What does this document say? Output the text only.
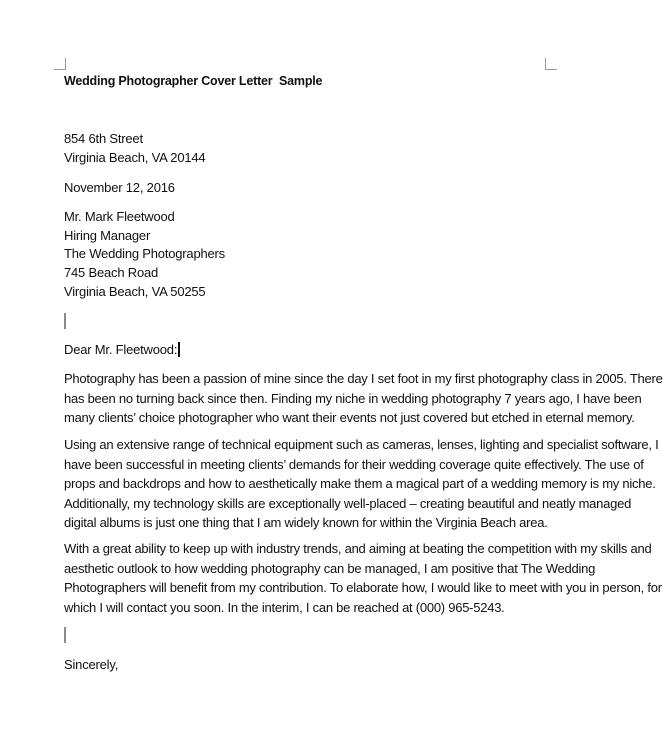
Wedding Photographer Cover Letter  Sample
854 6th Street
Virginia Beach, VA 20144
November 12, 2016
Mr. Mark Fleetwood
Hiring Manager
The Wedding Photographers
745 Beach Road
Virginia Beach, VA 50255
Dear Mr. Fleetwood:
Photography has been a passion of mine since the day I set foot in my first photography class in 2005. There
has been no turning back since then. Finding my niche in wedding photography 7 years ago, I have been
many clients’ choice photographer who want their events not just covered but etched in eternal memory.
Using an extensive range of technical equipment such as cameras, lenses, lighting and specialist software, I
have been successful in meeting clients’ demands for their wedding coverage quite effectively. The use of
props and backdrops and how to aesthetically make them a magical part of a wedding memory is my niche.
Additionally, my technology skills are exceptionally well-placed – creating beautiful and neatly managed
digital albums is just one thing that I am widely known for within the Virginia Beach area.
With a great ability to keep up with industry trends, and aiming at beating the competition with my skills and
aesthetic outlook to how wedding photography can be managed, I am positive that The Wedding
Photographers will benefit from my contribution. To elaborate how, I would like to meet with you in person, for
which I will contact you soon. In the interim, I can be reached at (000) 965-5243.
Sincerely,
